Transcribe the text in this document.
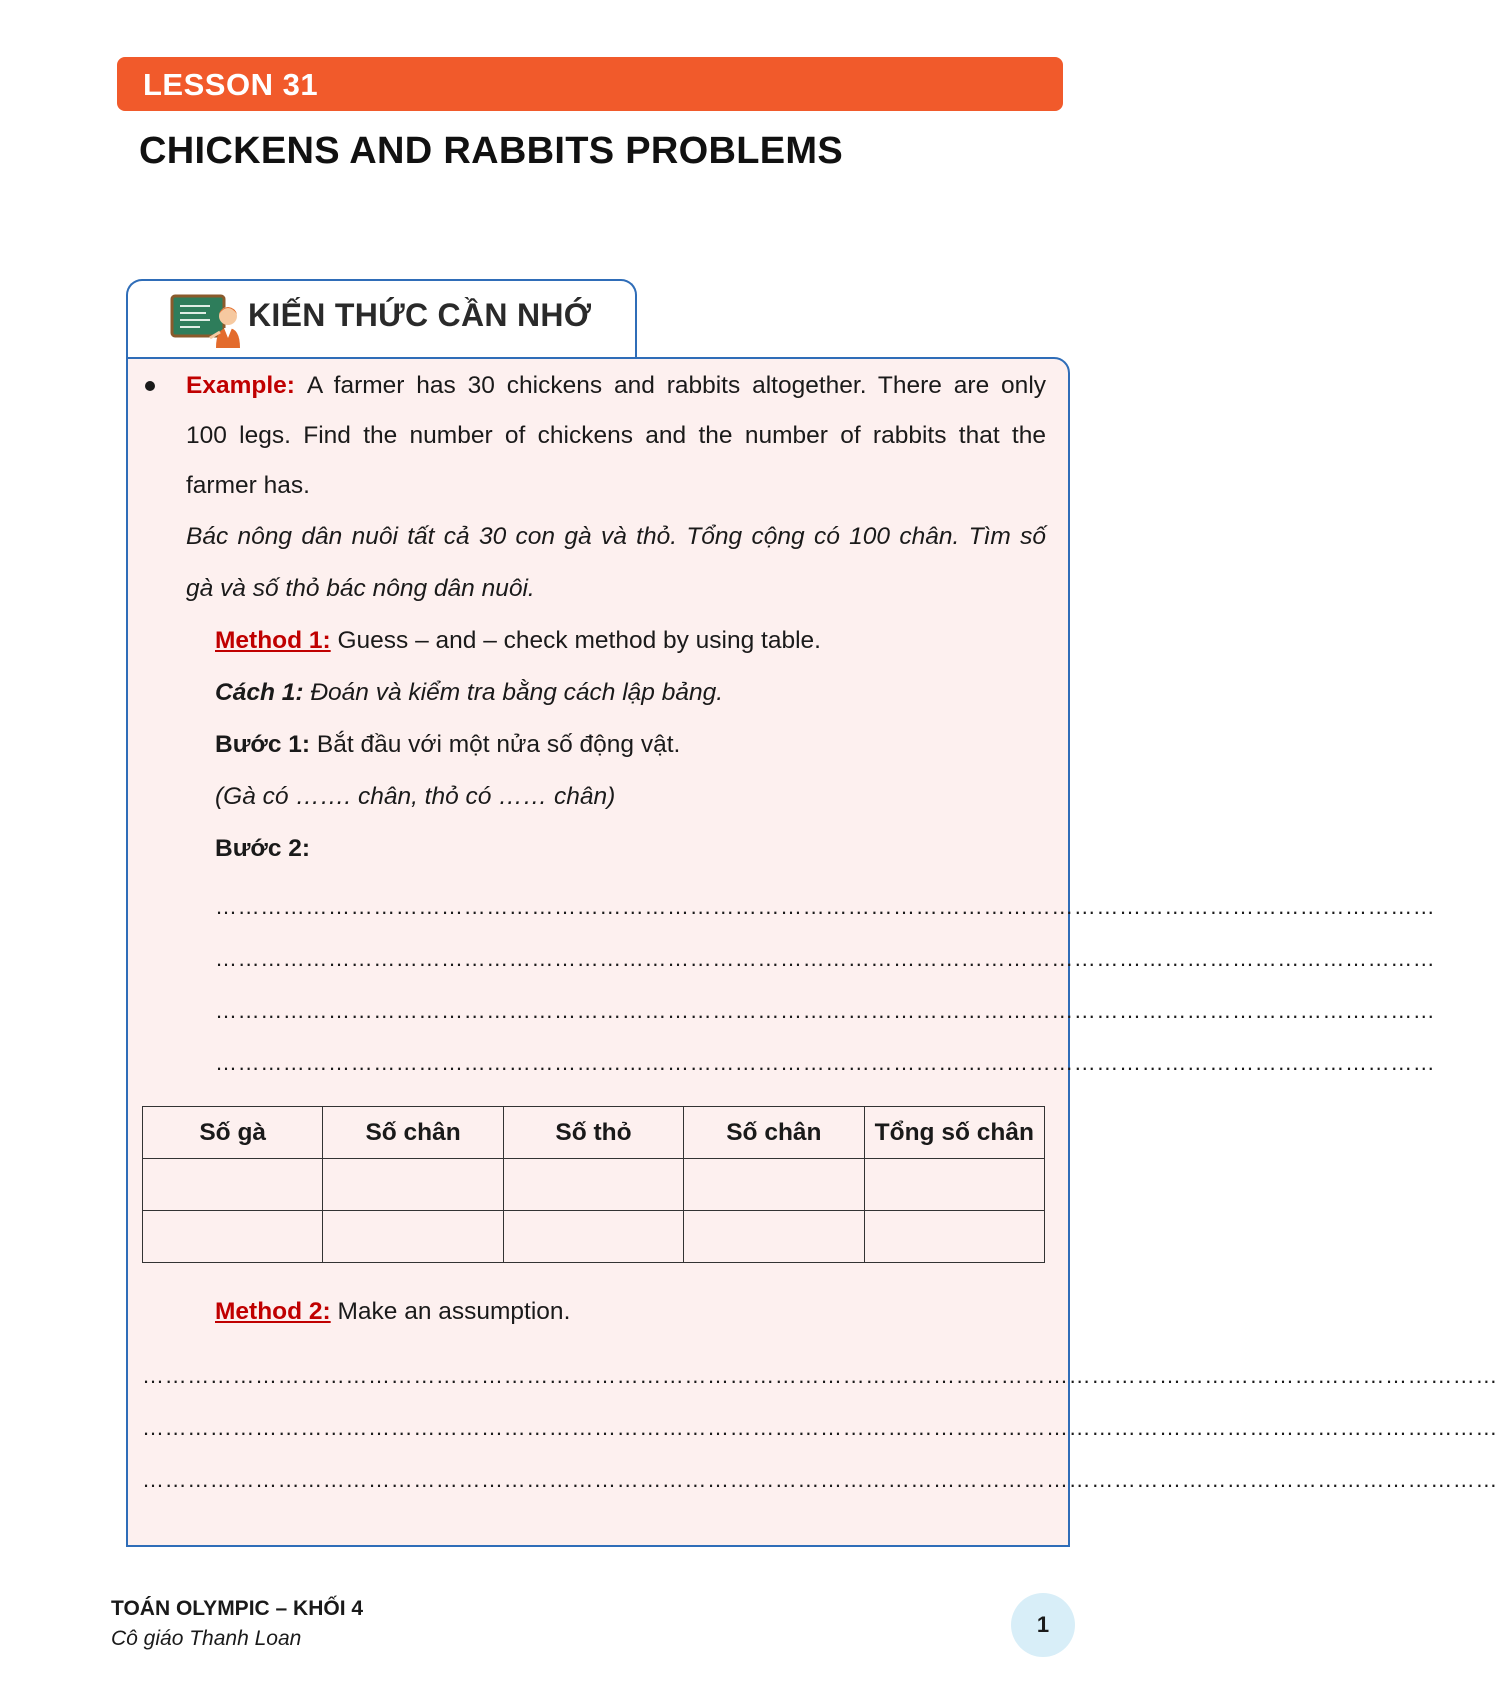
LESSON 31
CHICKENS AND RABBITS PROBLEMS
KIẾN THỨC CẦN NHỚ
Example: A farmer has 30 chickens and rabbits altogether. There are only
100 legs. Find the number of chickens and the number of rabbits that the
farmer has.
Bác nông dân nuôi tất cả 30 con gà và thỏ. Tổng cộng có 100 chân. Tìm số
gà và số thỏ bác nông dân nuôi.
Method 1: Guess – and – check method by using table.
Cách 1: Đoán và kiểm tra bằng cách lập bảng.
Bước 1: Bắt đầu với một nửa số động vật.
(Gà có ……. chân, thỏ có …… chân)
Bước 2:
………………………………………………………………………………………………………………………………………………
………………………………………………………………………………………………………………………………………………
………………………………………………………………………………………………………………………………………………
………………………………………………………………………………………………………………………………………………
Số gà	Số chân	Số thỏ	Số chân	Tổng số chân

Method 2: Make an assumption.
………………………………………………………………………………………………………………………………………………………………
………………………………………………………………………………………………………………………………………………………………
………………………………………………………………………………………………………………………………………………………………
TOÁN OLYMPIC – KHỐI 4
Cô giáo Thanh Loan
1
